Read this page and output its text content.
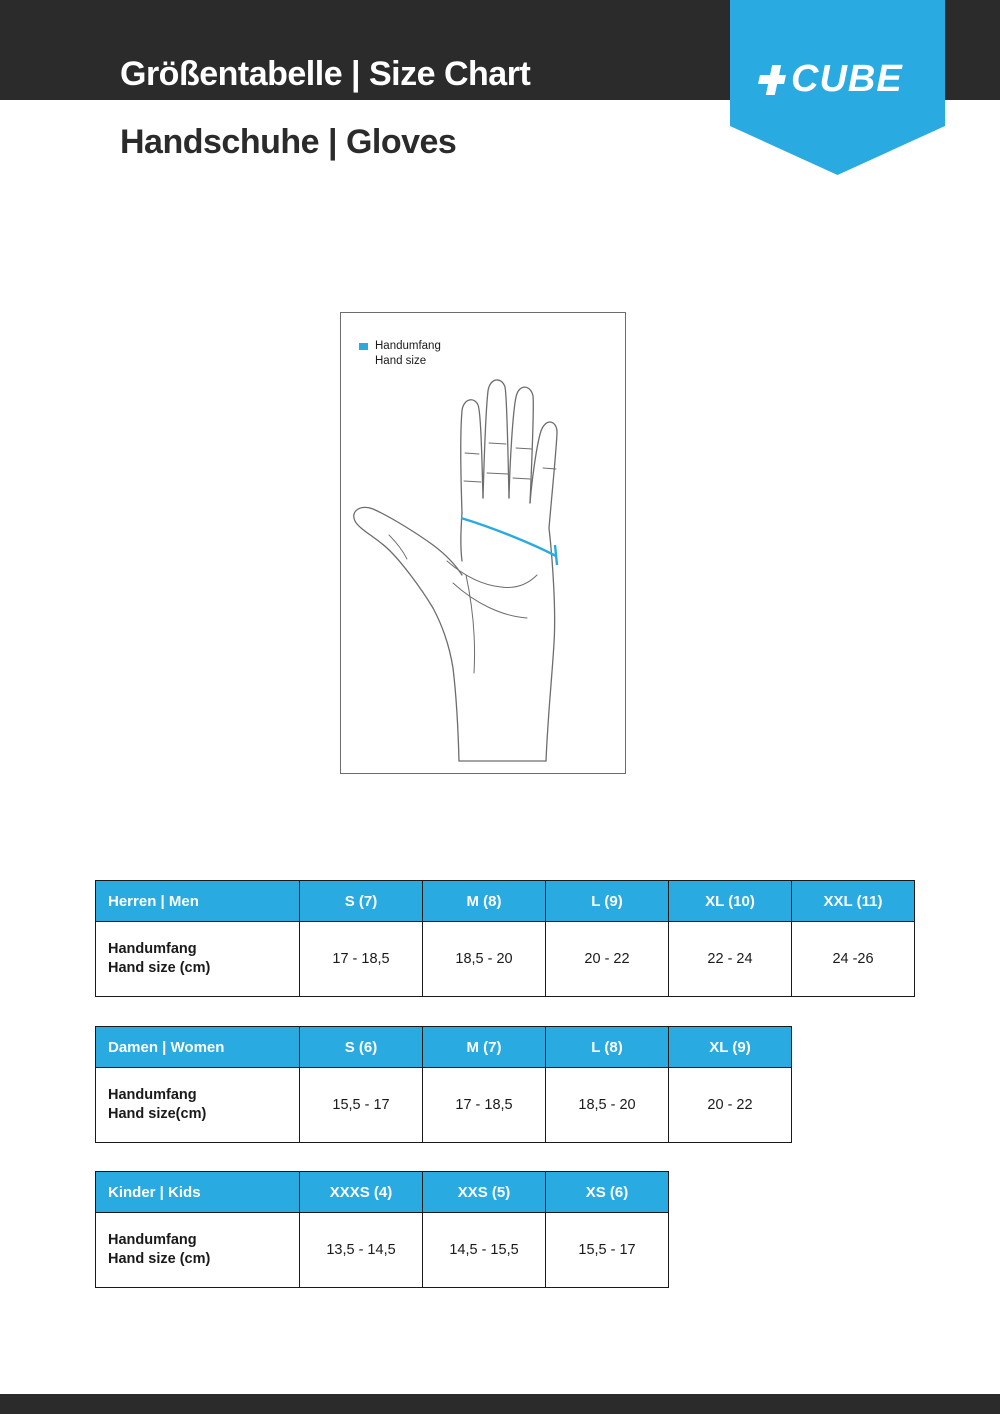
Größentabelle | Size Chart
Handschuhe | Gloves
CUBE
Handumfang
Hand size
Herren | Men	S (7)	M (8)	L (9)	XL (10)	XXL (11)
Handumfang
Hand size (cm)	17 - 18,5	18,5 - 20	20 - 22	22 - 24	24 -26
Damen | Women	S (6)	M (7)	L (8)	XL (9)
Handumfang
Hand size(cm)	15,5 - 17	17 - 18,5	18,5 - 20	20 - 22
Kinder | Kids	XXXS (4)	XXS (5)	XS (6)
Handumfang
Hand size (cm)	13,5 - 14,5	14,5 - 15,5	15,5 - 17
